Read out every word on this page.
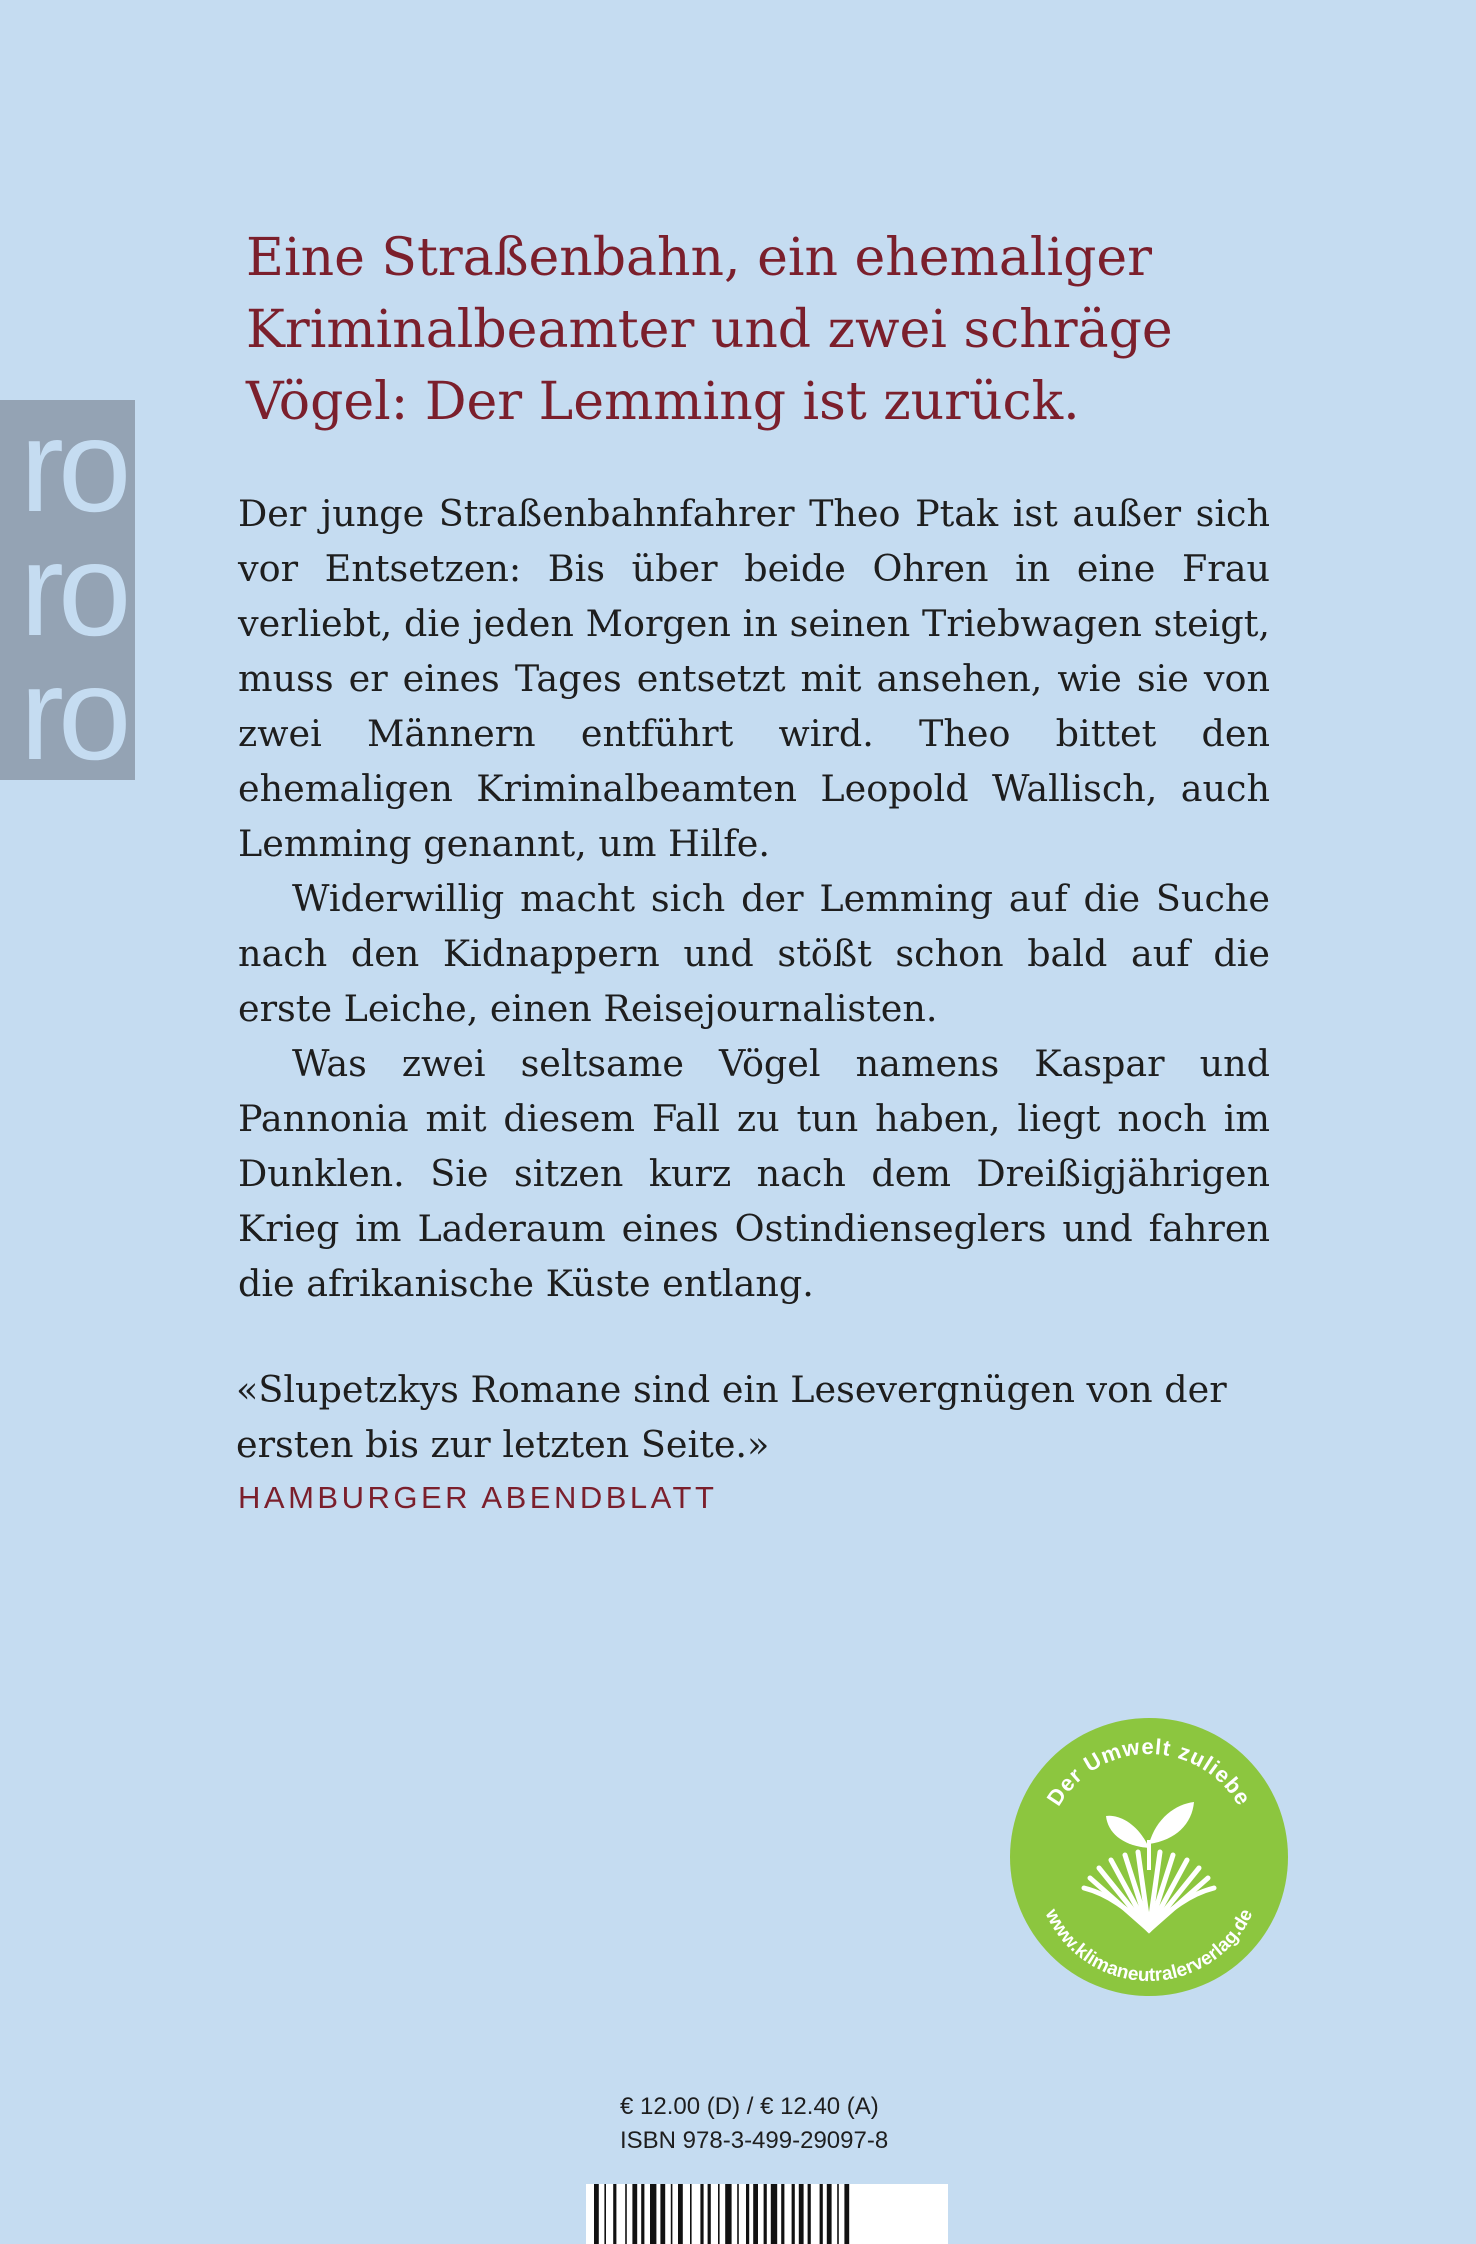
ro
ro
ro
Eine Straßenbahn, ein ehemaliger
Kriminalbeamter und zwei schräge
Vögel: Der Lemming ist zurück.

Der junge Straßenbahnfahrer Theo Ptak ist außer sich vor Entsetzen: Bis über beide Ohren in eine Frau verliebt, die jeden Morgen in seinen Triebwagen steigt, muss er eines Tages entsetzt mit ansehen, wie sie von zwei Männern entführt wird. Theo bittet den ehemaligen Kriminalbeamten Leopold Wallisch, auch Lemming genannt, um Hilfe.

Widerwillig macht sich der Lemming auf die Suche nach den Kidnappern und stößt schon bald auf die erste Leiche, einen Reisejournalisten.

Was zwei seltsame Vögel namens Kaspar und Pannonia mit diesem Fall zu tun haben, liegt noch im Dunklen. Sie sitzen kurz nach dem Dreißigjährigen Krieg im Laderaum eines Ostindienseglers und fahren die afrikanische Küste entlang.

«Slupetzkys Romane sind ein Lesevergnügen von der
ersten bis zur letzten Seite.»

HAMBURGER ABENDBLATT
Der Umwelt zuliebe
www.klimaneutralerverlag.de
€ 12.00 (D) / € 12.40 (A)
ISBN 978-3-499-29097-8
